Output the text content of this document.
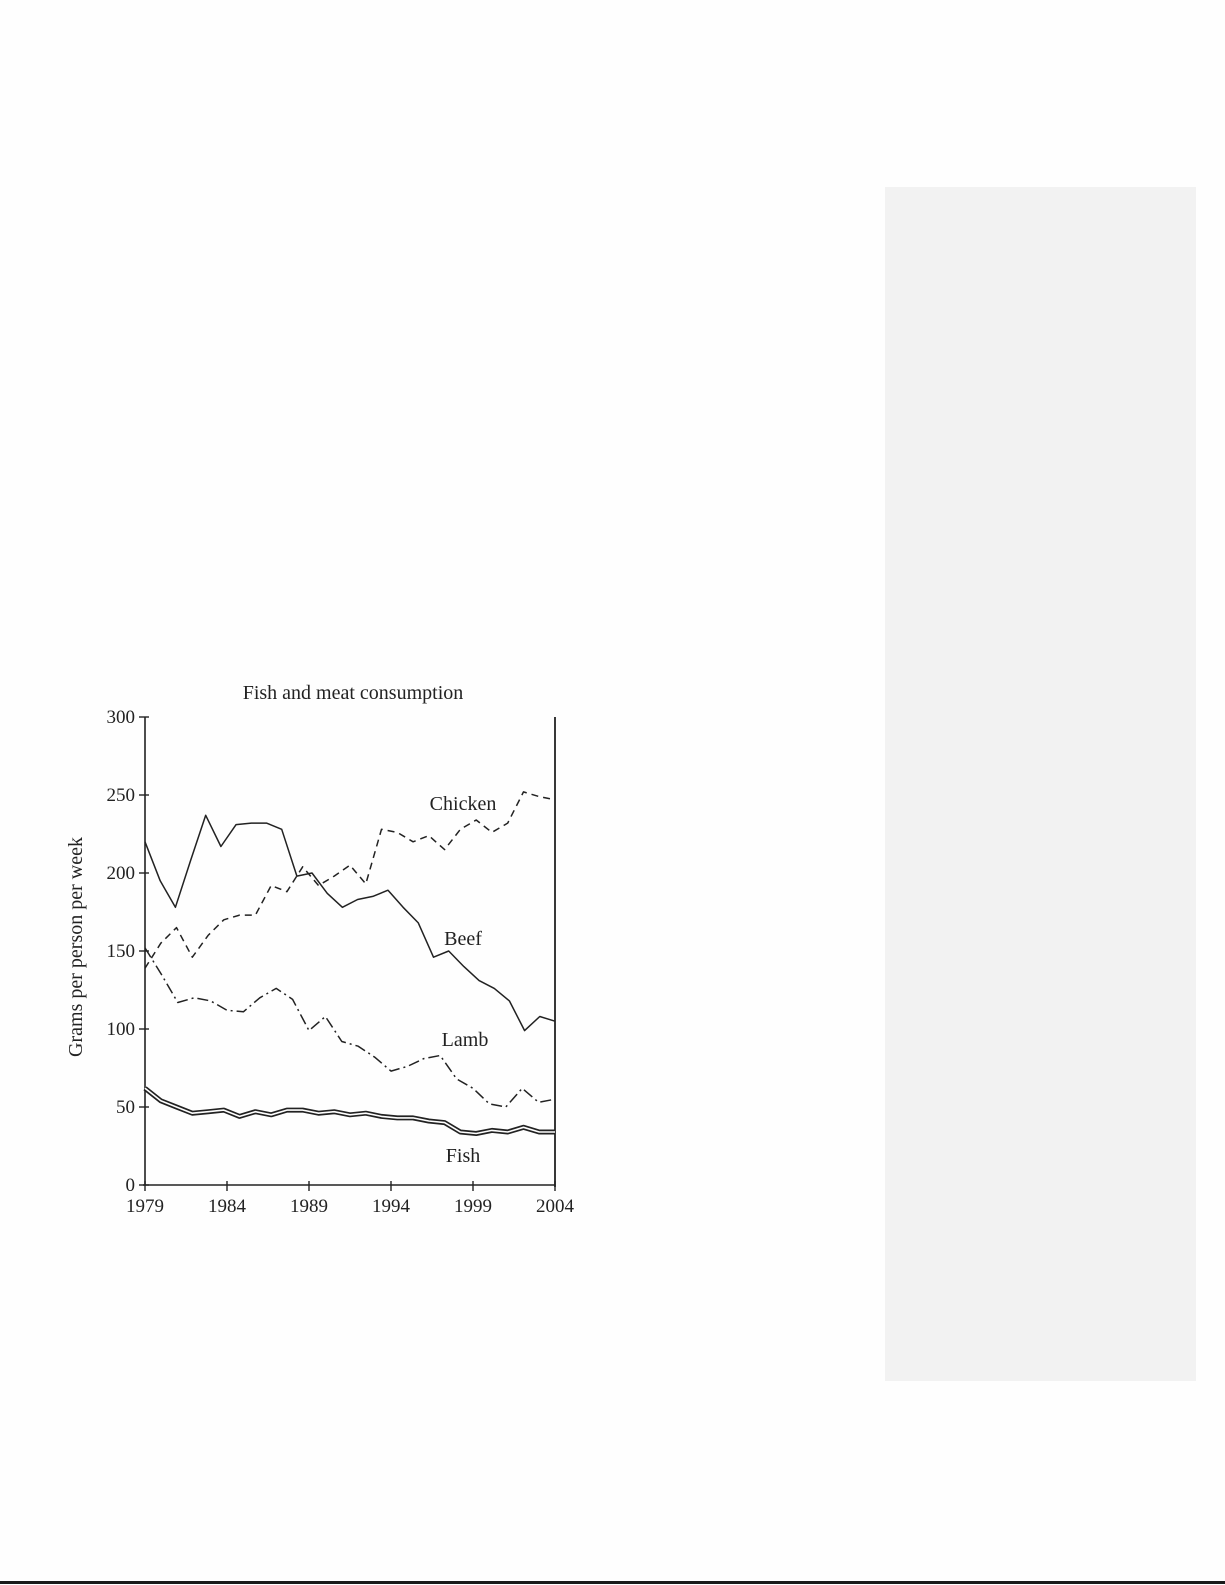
Fish and meat consumption
Grams per person per week
0
50
100
150
200
250
300
1979 1984 1989 1994 1999 2004
Beef
Chicken
Lamb
Fish
